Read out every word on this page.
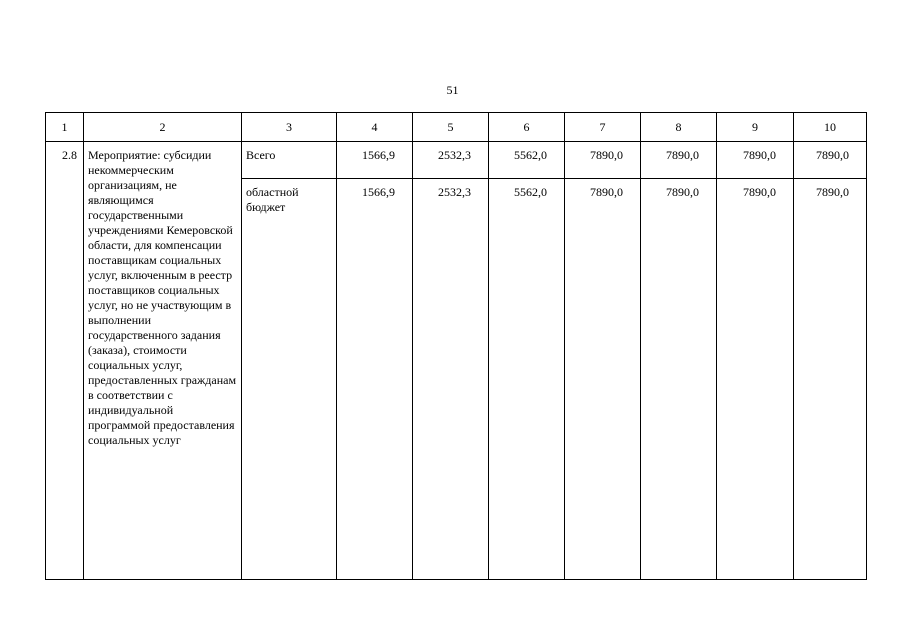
51
1	2	3	4	5	6	7	8	9	10
2.8	Мероприятие: субсидии некоммерческим организациям, не являющимся государственными учреждениями Кемеровской области, для компенсации поставщикам социальных услуг, включенным в реестр поставщиков социальных услуг, но не участвующим в выполнении государственного задания (заказа), стоимости социальных услуг, предоставленных гражданам в соответствии с индивидуальной программой предоставления социальных услуг	Всего	1566,9	2532,3	5562,0	7890,0	7890,0	7890,0	7890,0
		областной бюджет	1566,9	2532,3	5562,0	7890,0	7890,0	7890,0	7890,0
